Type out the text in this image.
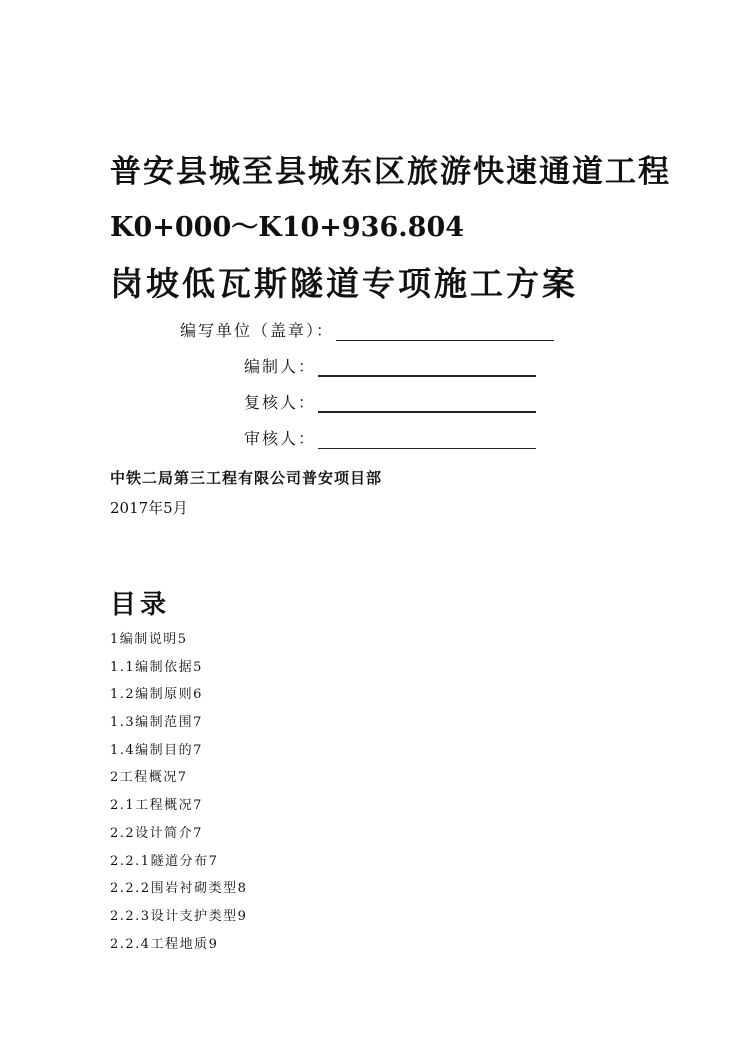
普安县城至县城东区旅游快速通道工程
K0+000～K10+936.804
岗坡低瓦斯隧道专项施工方案
编写单位（盖章）：
编制人：
复核人：
审核人：
中铁二局第三工程有限公司普安项目部
2017年5月
目录
1编制说明5
1.1编制依据5
1.2编制原则6
1.3编制范围7
1.4编制目的7
2工程概况7
2.1工程概况7
2.2设计简介7
2.2.1隧道分布7
2.2.2围岩衬砌类型8
2.2.3设计支护类型9
2.2.4工程地质9
